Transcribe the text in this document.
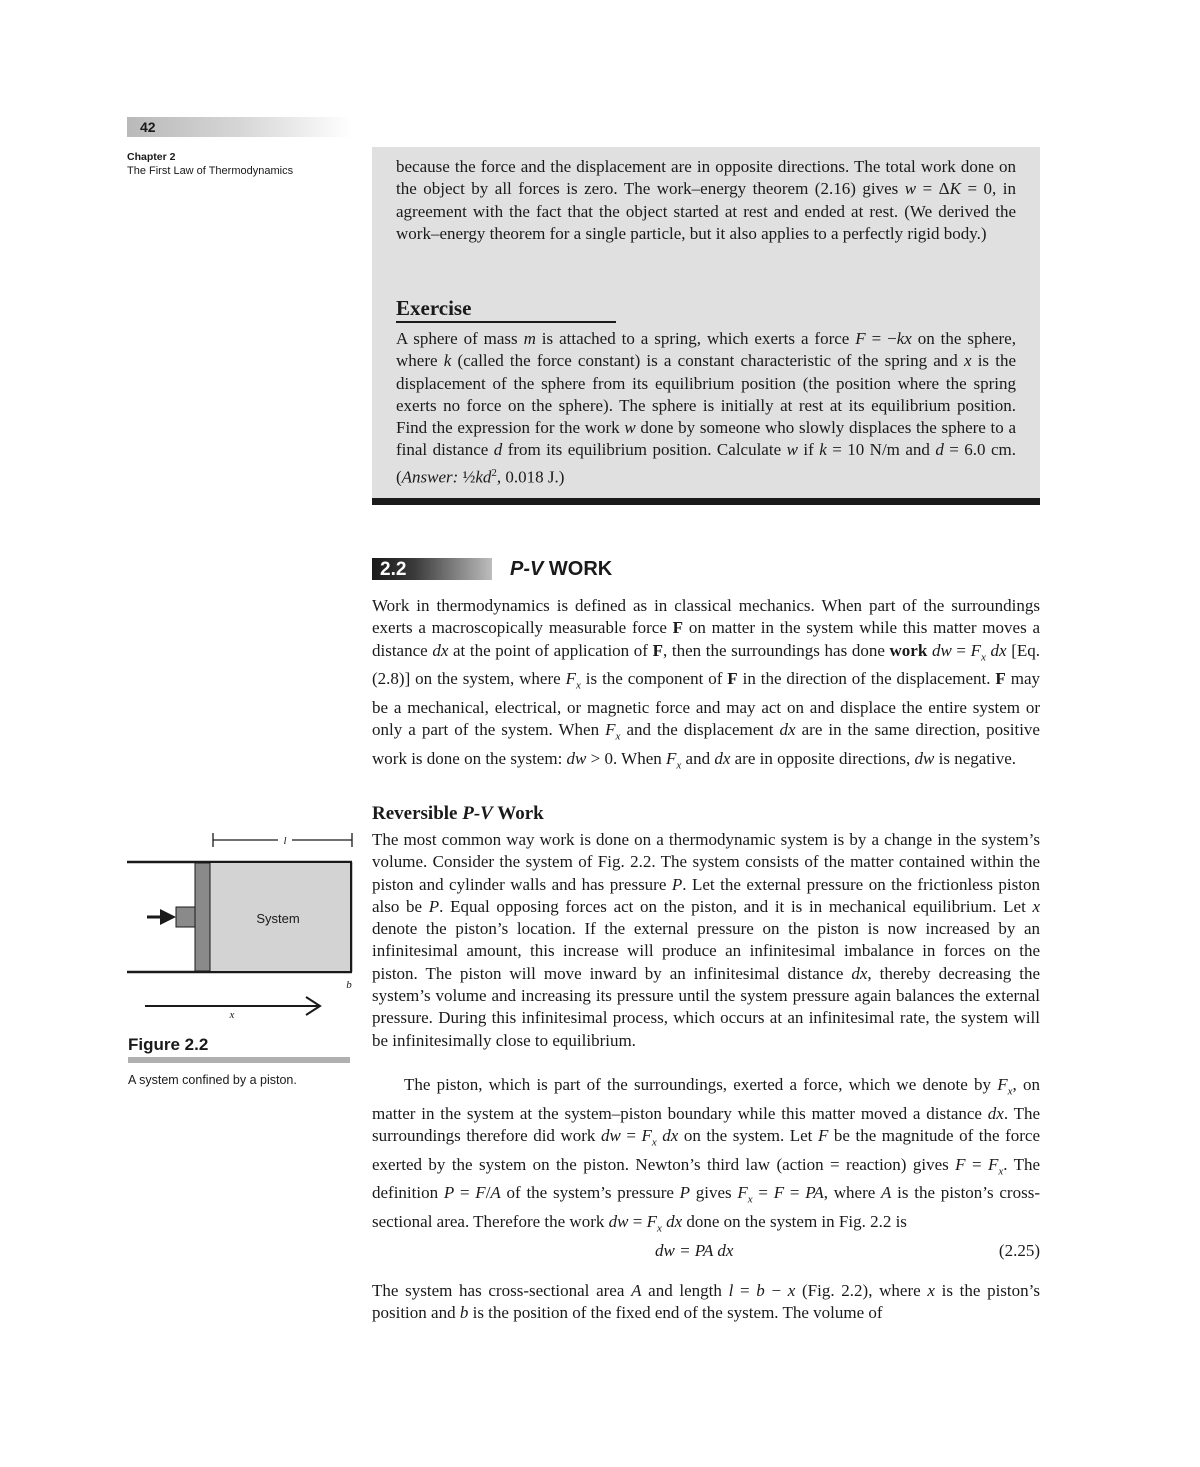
42
Chapter 2
The First Law of Thermodynamics	because the force and the displacement are in opposite directions. The total work done on the object by all forces is zero. The work–energy theorem (2.16) gives w = ΔK = 0, in agreement with the fact that the object started at rest and ended at rest. (We derived the work–energy theorem for a single particle, but it also applies to a perfectly rigid body.)
Exercise
A sphere of mass m is attached to a spring, which exerts a force F = −kx on the sphere, where k (called the force constant) is a constant characteristic of the spring and x is the displacement of the sphere from its equilibrium position (the position where the spring exerts no force on the sphere). The sphere is initially at rest at its equilibrium position. Find the expression for the work w done by someone who slowly displaces the sphere to a final distance d from its equilibrium position. Calculate w if k = 10 N/m and d = 6.0 cm. (Answer: $\frac{1}{2}kd^2$, 0.018 J.)
2.2	P-V WORK
Work in thermodynamics is defined as in classical mechanics. When part of the surroundings exerts a macroscopically measurable force F on matter in the system while this matter moves a distance dx at the point of application of F, then the surroundings has done work dw = $F_x$ dx [Eq. (2.8)] on the system, where $F_x$ is the component of F in the direction of the displacement. F may be a mechanical, electrical, or magnetic force and may act on and displace the entire system or only a part of the system. When $F_x$ and the displacement dx are in the same direction, positive work is done on the system: dw > 0. When $F_x$ and dx are in opposite directions, dw is negative.
Reversible P-V Work
The most common way work is done on a thermodynamic system is by a change in the system’s volume. Consider the system of Fig. 2.2. The system consists of the matter contained within the piston and cylinder walls and has pressure P. Let the external pressure on the frictionless piston also be P. Equal opposing forces act on the piston, and it is in mechanical equilibrium. Let x denote the piston’s location. If the external pressure on the piston is now increased by an infinitesimal amount, this increase will produce an infinitesimal imbalance in forces on the piston. The piston will move inward by an infinitesimal distance dx, thereby decreasing the system’s volume and increasing its pressure until the system pressure again balances the external pressure. During this infinitesimal process, which occurs at an infinitesimal rate, the system will be infinitesimally close to equilibrium.
The piston, which is part of the surroundings, exerted a force, which we denote by $F_x$, on matter in the system at the system–piston boundary while this matter moved a distance dx. The surroundings therefore did work dw = $F_x$ dx on the system. Let F be the magnitude of the force exerted by the system on the piston. Newton’s third law (action = reaction) gives $F = F_x$. The definition P = F/A of the system’s pressure P gives $F_x = F$ = PA, where A is the piston’s cross-sectional area. Therefore the work dw = $F_x$ dx done on the system in Fig. 2.2 is
dw = PA dx	(2.25)
The system has cross-sectional area A and length l = b − x (Fig. 2.2), where x is the piston’s position and b is the position of the fixed end of the system. The volume of
l
System
x
b
Figure 2.2
A system confined by a piston.
